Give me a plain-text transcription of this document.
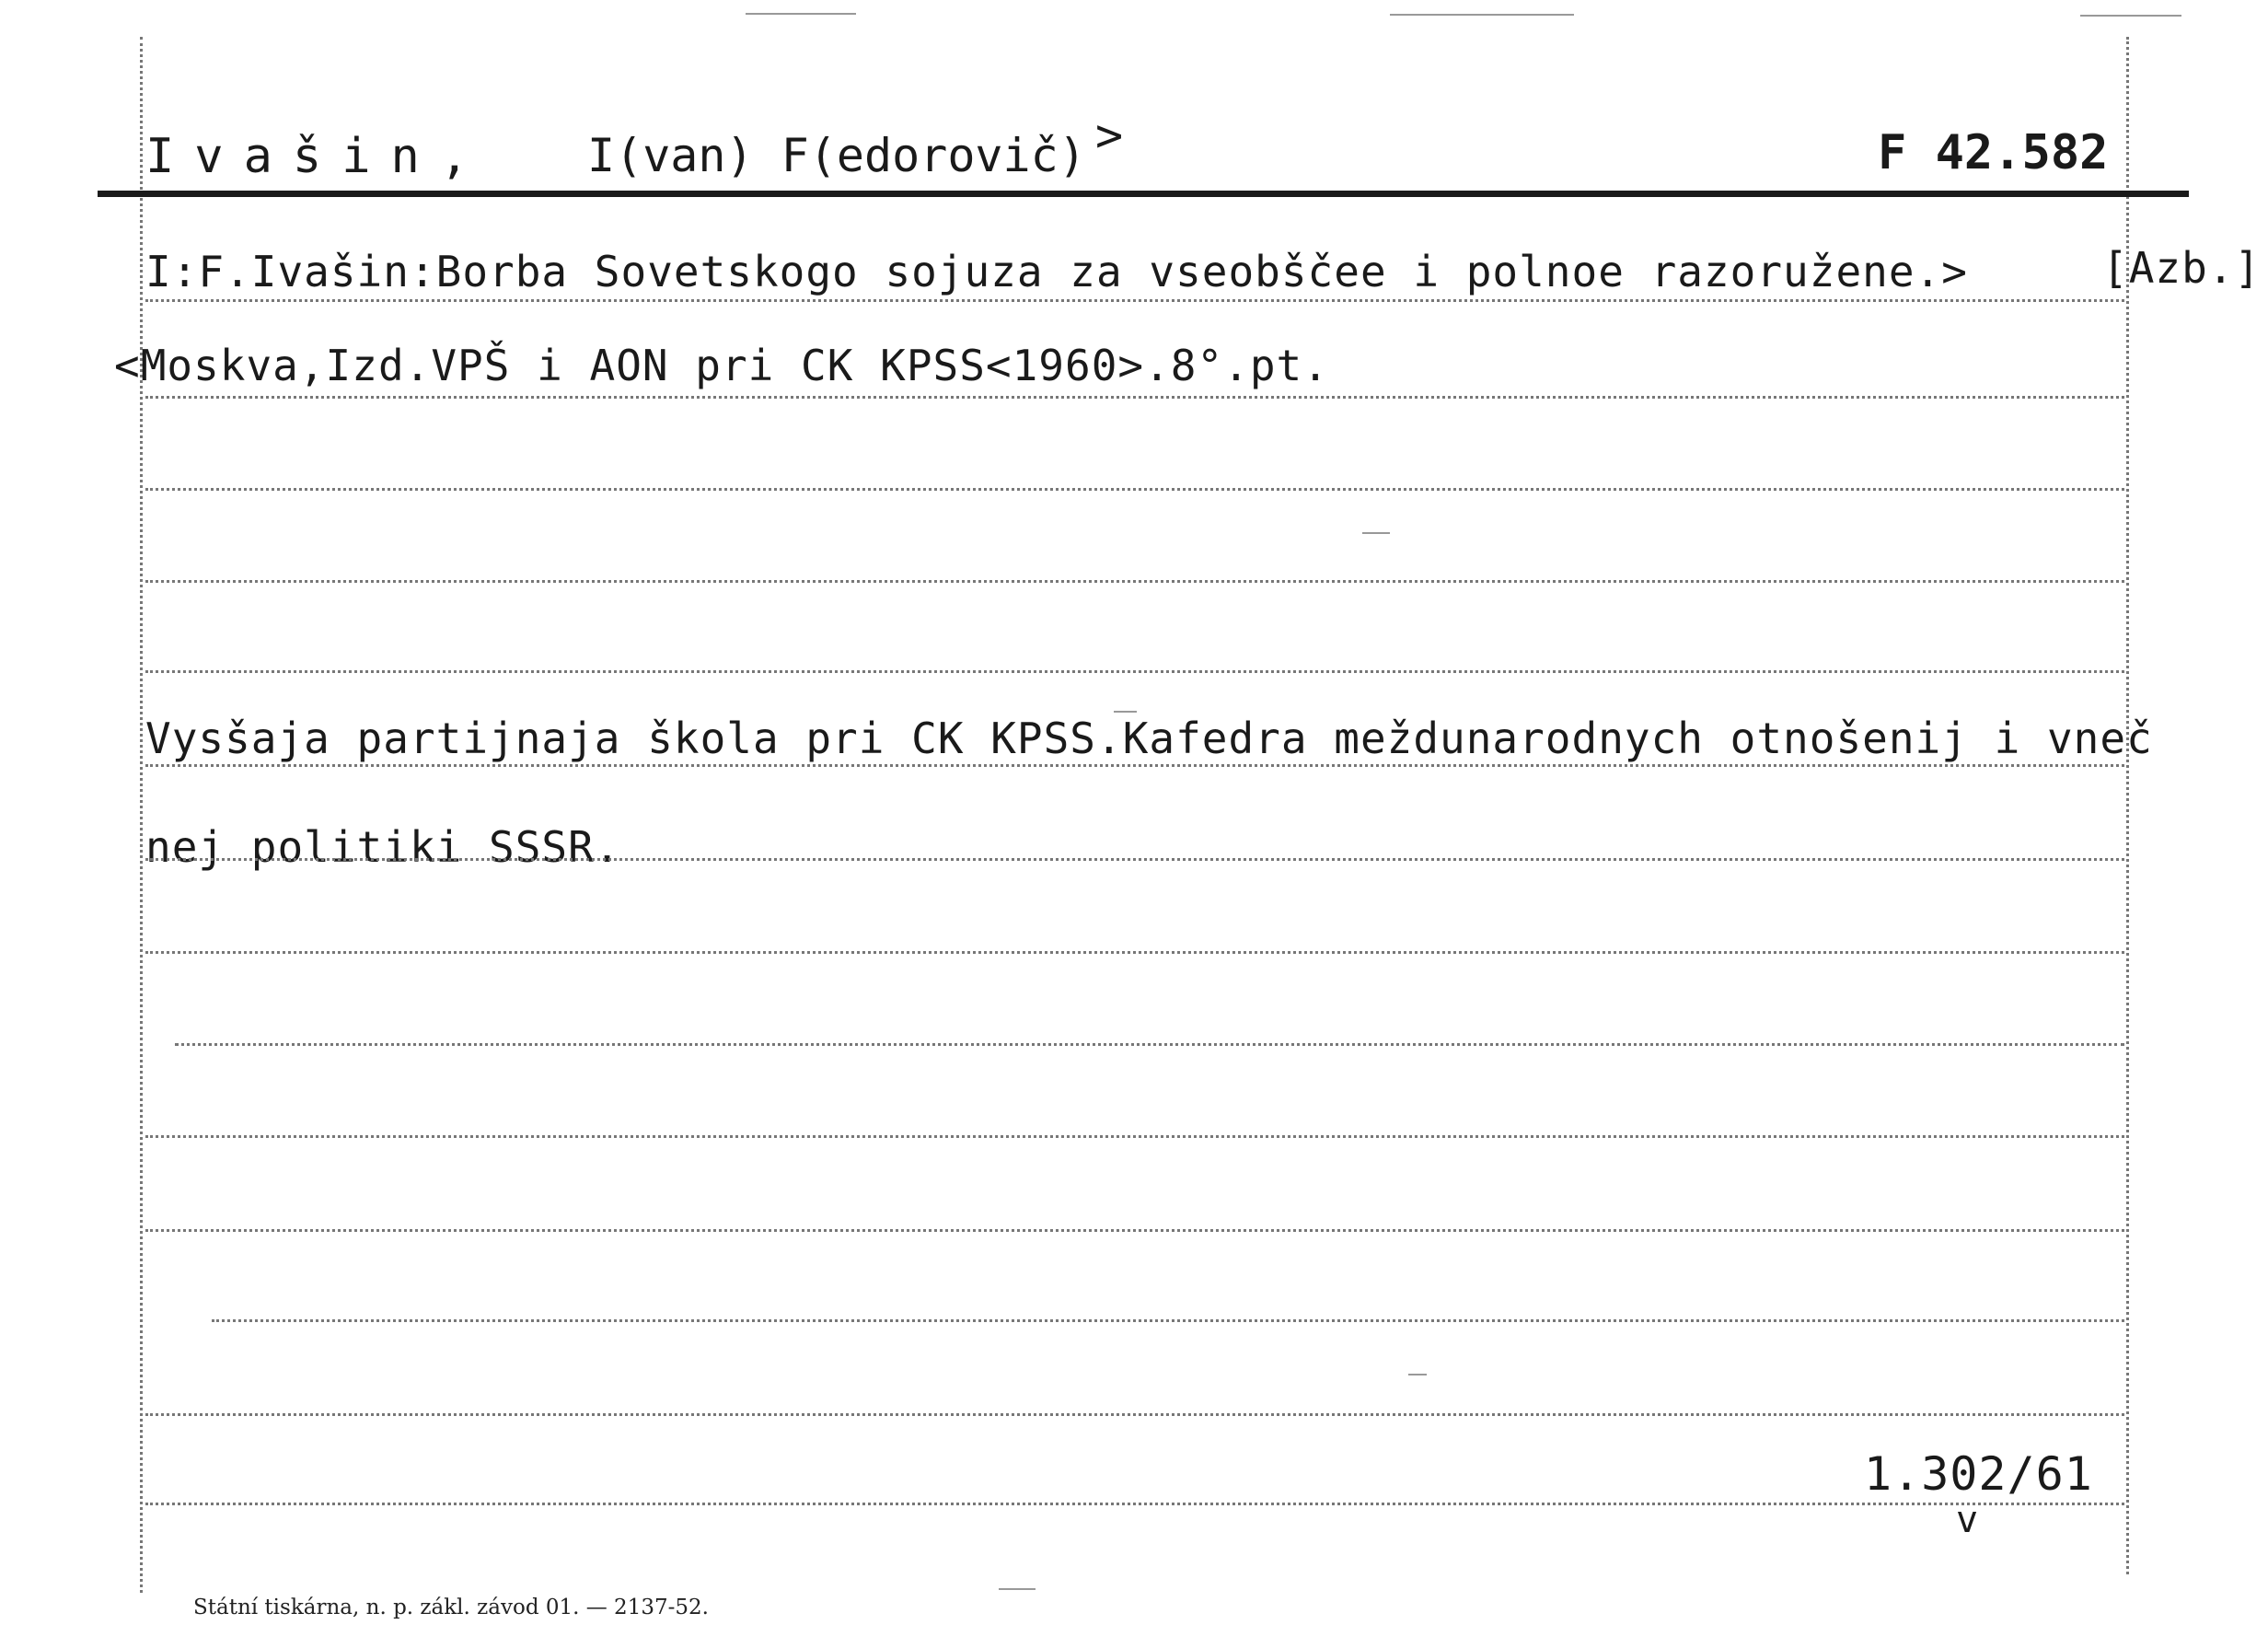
Ivašin, I(van) F(edorovič) >	F 42.582
I:F.Ivašin:Borba Sovetskogo sojuza za vseobščee i polnoe razoružene.>	[Azb.]
<Moskva,Izd.VPŠ i AON pri CK KPSS<1960>.8°.pt.
Vysšaja partijnaja škola pri CK KPSS.Kafedra meždunarodnych otnošenij i vneč
nej politiki SSSR.
1.302/61
v
Státní tiskárna, n. p. zákl. závod 01. — 2137-52.
